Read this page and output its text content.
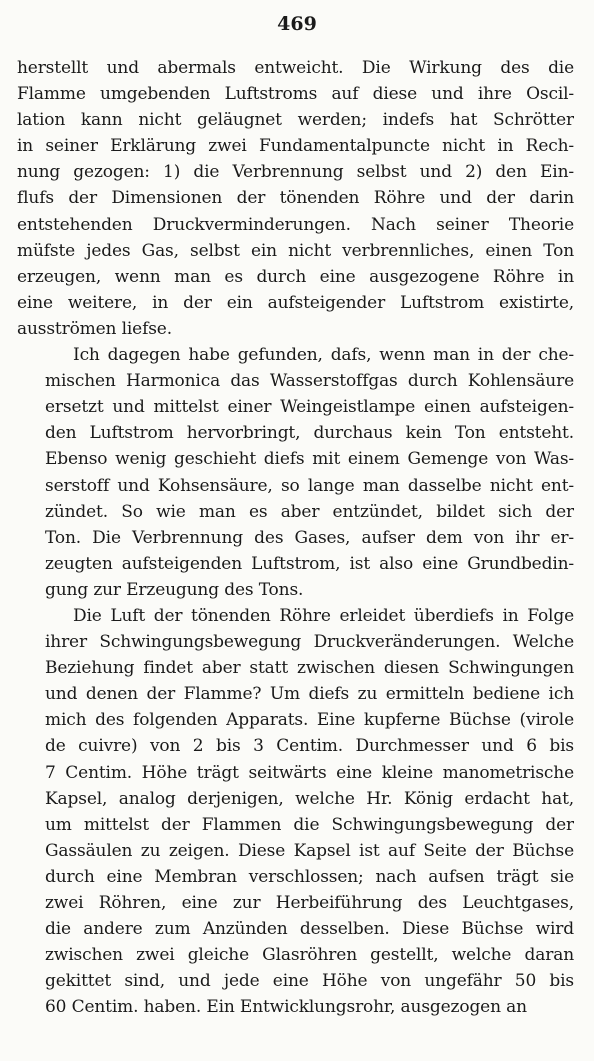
469

herstellt und abermals entweicht. Die Wirkung des die
Flamme umgebenden Luftstroms auf diese und ihre Oscil-
lation kann nicht geläugnet werden; indefs hat Schrötter
in seiner Erklärung zwei Fundamentalpuncte nicht in Rech-
nung gezogen: 1) die Verbrennung selbst und 2) den Ein-
flufs der Dimensionen der tönenden Röhre und der darin
entstehenden Druckverminderungen. Nach seiner Theorie
müfste jedes Gas, selbst ein nicht verbrennliches, einen Ton
erzeugen, wenn man es durch eine ausgezogene Röhre in
eine weitere, in der ein aufsteigender Luftstrom existirte,
ausströmen liefse.

Ich dagegen habe gefunden, dafs, wenn man in der che-
mischen Harmonica das Wasserstoffgas durch Kohlensäure
ersetzt und mittelst einer Weingeistlampe einen aufsteigen-
den Luftstrom hervorbringt, durchaus kein Ton entsteht.
Ebenso wenig geschieht diefs mit einem Gemenge von Was-
serstoff und Kohsensäure, so lange man dasselbe nicht ent-
zündet. So wie man es aber entzündet, bildet sich der
Ton. Die Verbrennung des Gases, aufser dem von ihr er-
zeugten aufsteigenden Luftstrom, ist also eine Grundbedin-
gung zur Erzeugung des Tons.

Die Luft der tönenden Röhre erleidet überdiefs in Folge
ihrer Schwingungsbewegung Druckveränderungen. Welche
Beziehung findet aber statt zwischen diesen Schwingungen
und denen der Flamme? Um diefs zu ermitteln bediene ich
mich des folgenden Apparats. Eine kupferne Büchse (virole
de cuivre) von 2 bis 3 Centim. Durchmesser und 6 bis
7 Centim. Höhe trägt seitwärts eine kleine manometrische
Kapsel, analog derjenigen, welche Hr. König erdacht hat,
um mittelst der Flammen die Schwingungsbewegung der
Gassäulen zu zeigen. Diese Kapsel ist auf Seite der Büchse
durch eine Membran verschlossen; nach aufsen trägt sie
zwei Röhren, eine zur Herbeiführung des Leuchtgases,
die andere zum Anzünden desselben. Diese Büchse wird
zwischen zwei gleiche Glasröhren gestellt, welche daran
gekittet sind, und jede eine Höhe von ungefähr 50 bis
60 Centim. haben. Ein Entwicklungsrohr, ausgezogen an
